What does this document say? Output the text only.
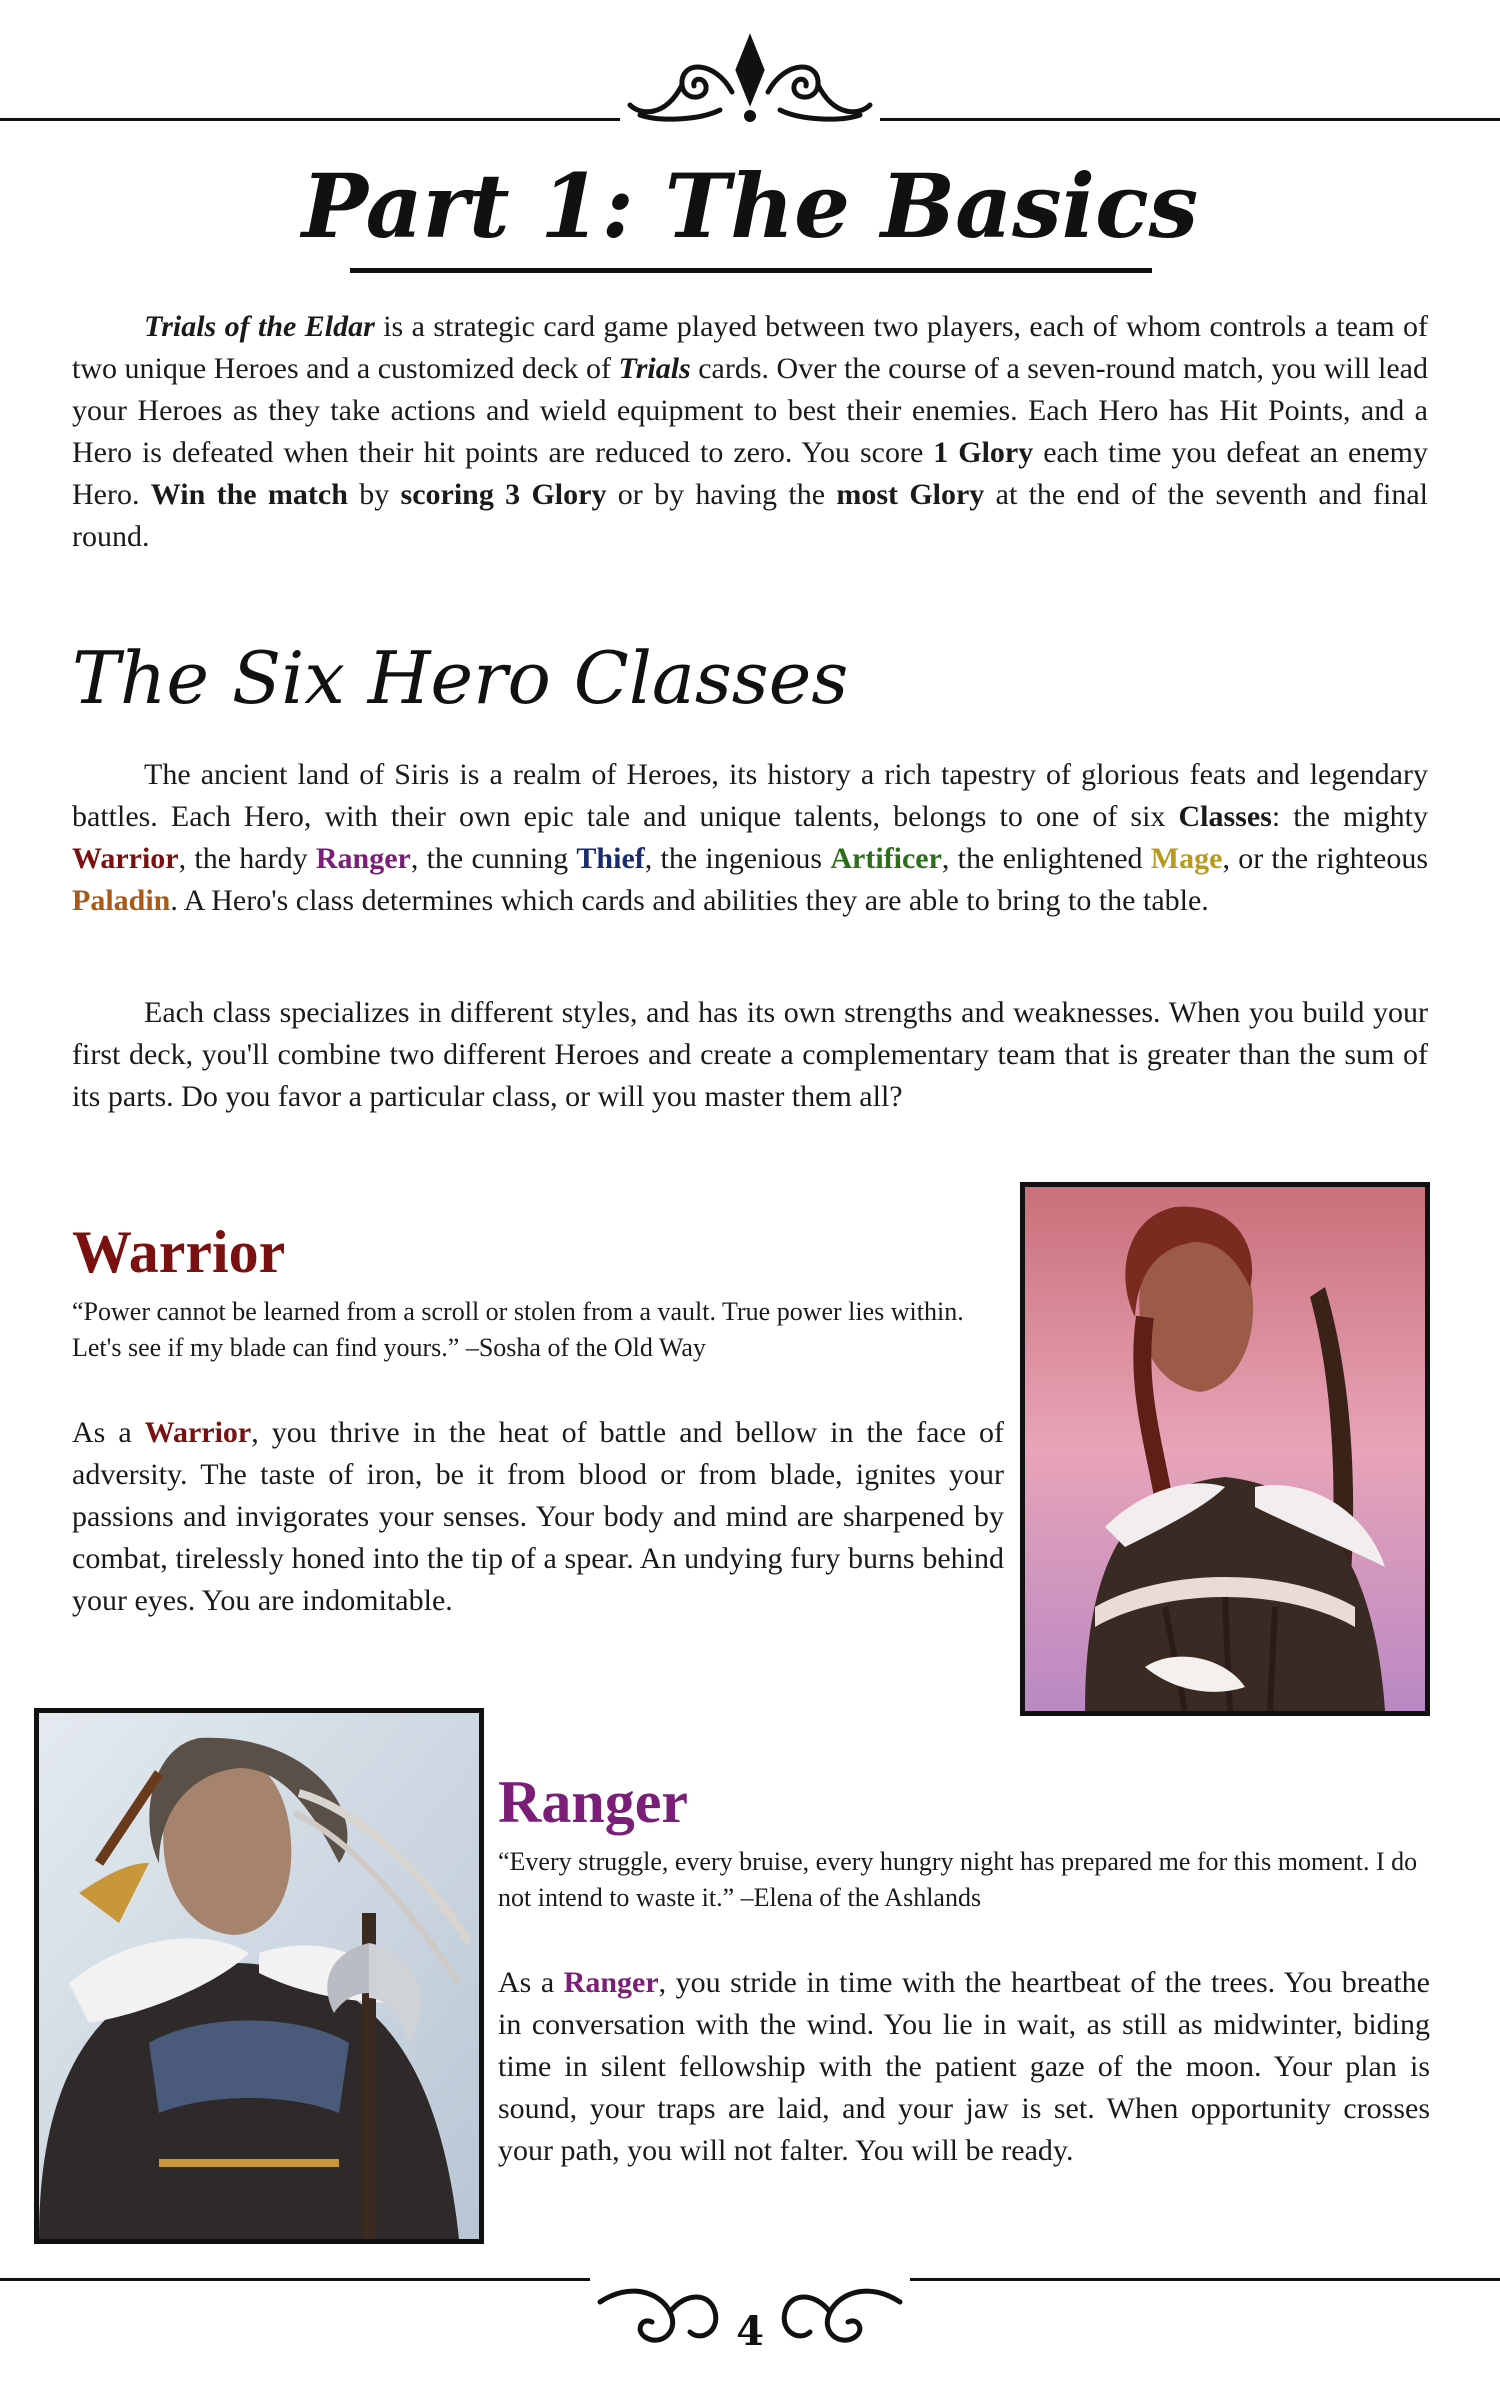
Part 1: The Basics

Trials of the Eldar is a strategic card game played between two players, each of whom controls a team of two unique Heroes and a customized deck of Trials cards. Over the course of a seven-round match, you will lead your Heroes as they take actions and wield equipment to best their enemies. Each Hero has Hit Points, and a Hero is defeated when their hit points are reduced to zero. You score 1 Glory each time you defeat an enemy Hero. Win the match by scoring 3 Glory or by having the most Glory at the end of the seventh and final round.

The Six Hero Classes

The ancient land of Siris is a realm of Heroes, its history a rich tapestry of glorious feats and legendary battles. Each Hero, with their own epic tale and unique talents, belongs to one of six Classes: the mighty Warrior, the hardy Ranger, the cunning Thief, the ingenious Artificer, the enlightened Mage, or the righteous Paladin. A Hero's class determines which cards and abilities they are able to bring to the table.

Each class specializes in different styles, and has its own strengths and weaknesses. When you build your first deck, you'll combine two different Heroes and create a complementary team that is greater than the sum of its parts. Do you favor a particular class, or will you master them all?

Warrior

“Power cannot be learned from a scroll or stolen from a vault. True power lies within. Let's see if my blade can find yours.” –Sosha of the Old Way

As a Warrior, you thrive in the heat of battle and bellow in the face of adversity. The taste of iron, be it from blood or from blade, ignites your passions and invigorates your senses. Your body and mind are sharpened by combat, tirelessly honed into the tip of a spear. An undying fury burns behind your eyes. You are indomitable.

Ranger

“Every struggle, every bruise, every hungry night has prepared me for this moment. I do not intend to waste it.” –Elena of the Ashlands

As a Ranger, you stride in time with the heartbeat of the trees. You breathe in conversation with the wind. You lie in wait, as still as midwinter, biding time in silent fellowship with the patient gaze of the moon. Your plan is sound, your traps are laid, and your jaw is set. When opportunity crosses your path, you will not falter. You will be ready.

4
